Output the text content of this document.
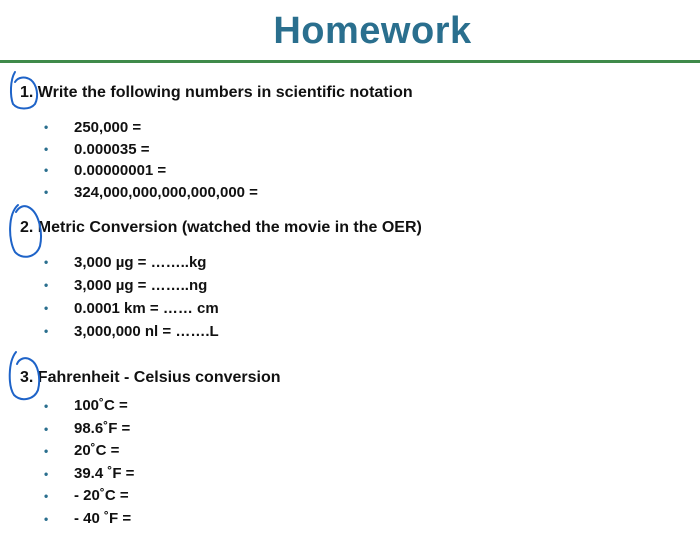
Homework
1. Write the following numbers in scientific notation
• 250,000 =
• 0.000035 =
• 0.00000001 =
• 324,000,000,000,000,000 =
2. Metric Conversion (watched the movie in the OER)
• 3,000 µg = ……..kg
• 3,000 µg = ……..ng
• 0.0001 km = …… cm
• 3,000,000 nl = …….L
3. Fahrenheit - Celsius conversion
• 100˚C =
• 98.6˚F =
• 20˚C =
• 39.4 ˚F =
• - 20˚C =
• - 40 ˚F =
